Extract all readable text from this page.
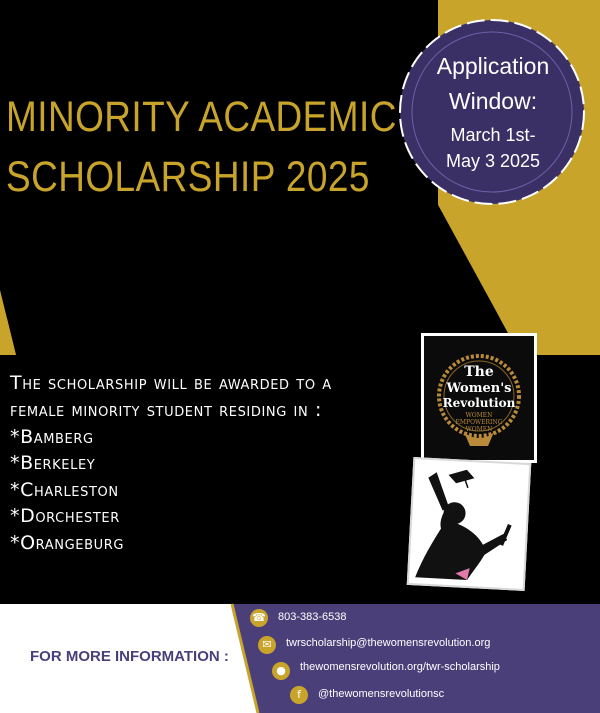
MINORITY ACADEMIC
SCHOLARSHIP 2025
Application
Window:
March 1st-
May 3 2025
The scholarship will be awarded to a
female minority student residing in :
*Bamberg
*Berkeley
*Charleston
*Dorchester
*Orangeburg
The
Women's
Revolution
WOMEN
EMPOWERING
WOMEN
FOR MORE INFORMATION :
☎ 803-383-6538
✉	twrscholarship@thewomensrevolution.org
●	thewomensrevolution.org/twr-scholarship
f	@thewomensrevolutionsc
